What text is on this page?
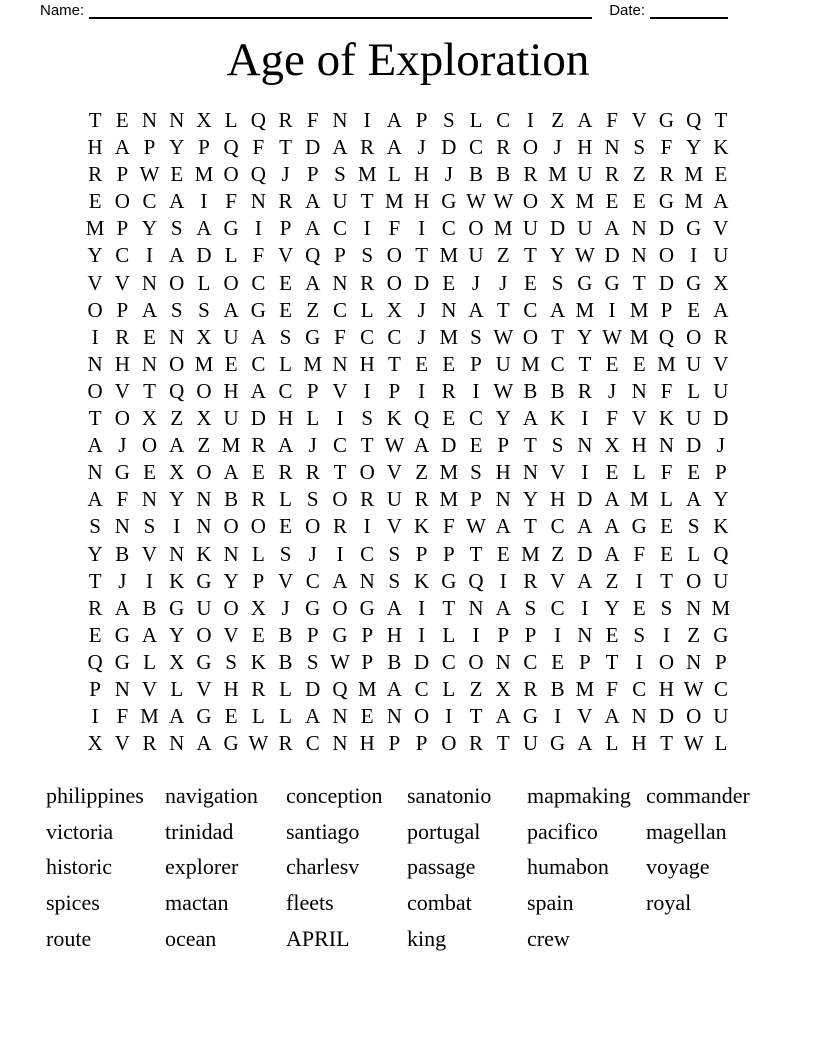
Name:	Date:
Age of Exploration
T E N N X L Q R F N I A P S L C I Z A F V G Q T
H A P Y P Q F T D A R A J D C R O J H N S F Y K
R P W E M O Q J P S M L H J B B R M U R Z R M E
E O C A I F N R A U T M H G W W O X M E E G M A
M P Y S A G I P A C I F I C O M U D U A N D G V
Y C I A D L F V Q P S O T M U Z T Y W D N O I U
V V N O L O C E A N R O D E J J E S G G T D G X
O P A S S A G E Z C L X J N A T C A M I M P E A
I R E N X U A S G F C C J M S W O T Y W M Q O R
N H N O M E C L M N H T E E P U M C T E E M U V
O V T Q O H A C P V I P I R I W B B R J N F L U
T O X Z X U D H L I S K Q E C Y A K I F V K U D
A J O A Z M R A J C T W A D E P T S N X H N D J
N G E X O A E R R T O V Z M S H N V I E L F E P
A F N Y N B R L S O R U R M P N Y H D A M L A Y
S N S I N O O E O R I V K F W A T C A A G E S K
Y B V N K N L S J I C S P P T E M Z D A F E L Q
T J I K G Y P V C A N S K G Q I R V A Z I T O U
R A B G U O X J G O G A I T N A S C I Y E S N M
E G A Y O V E B P G P H I L I P P I N E S I Z G
Q G L X G S K B S W P B D C O N C E P T I O N P
P N V L V H R L D Q M A C L Z X R B M F C H W C
I F M A G E L L A N E N O I T A G I V A N D O U
X V R N A G W R C N H P P O R T U G A L H T W L
philippines navigation	conception	sanatonio	mapmaking commander
victoria	trinidad	santiago	portugal	pacifico	magellan
historic	explorer	charlesv	passage	humabon	voyage
spices	mactan	fleets	combat	spain	royal
route	ocean	APRIL	king	crew
